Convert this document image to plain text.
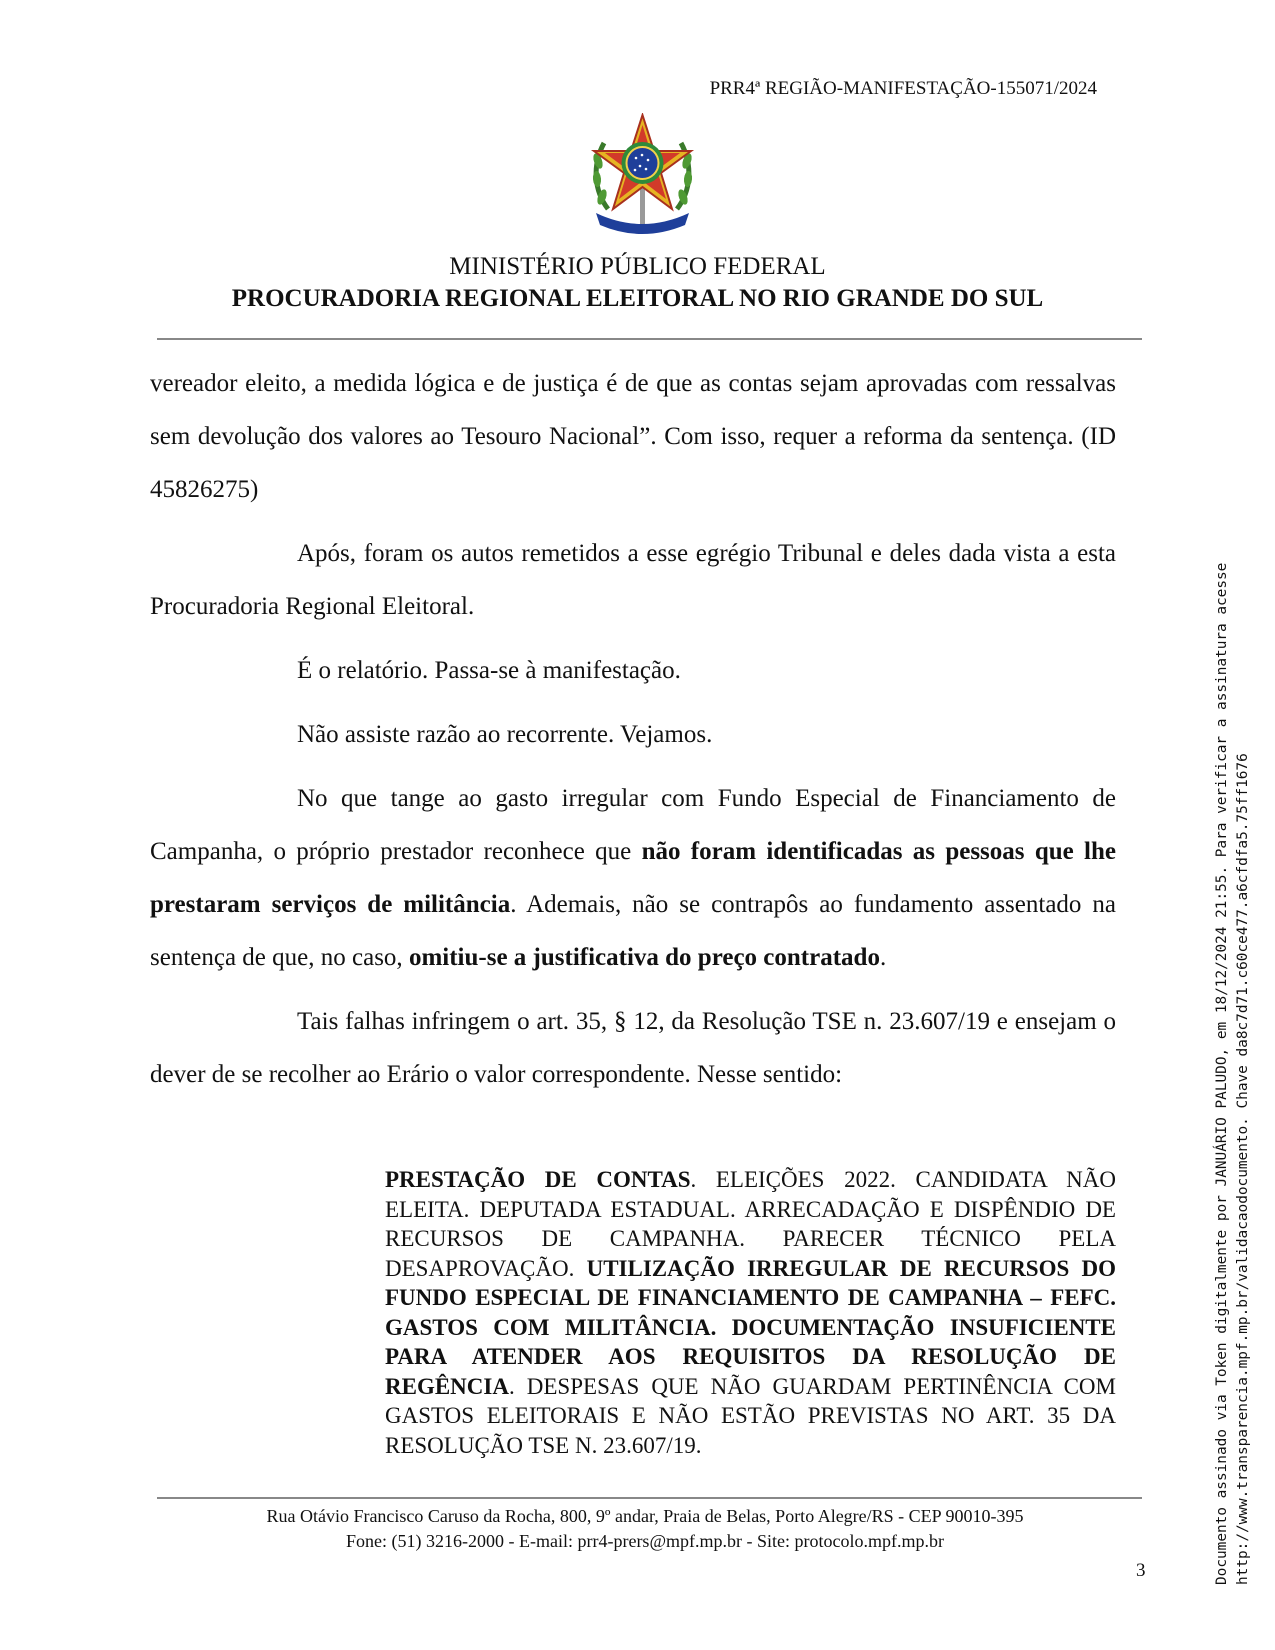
PRR4ª REGIÃO-MANIFESTAÇÃO-155071/2024
MINISTÉRIO PÚBLICO FEDERAL
PROCURADORIA REGIONAL ELEITORAL NO RIO GRANDE DO SUL

vereador eleito, a medida lógica e de justiça é de que as contas sejam aprovadas com ressalvas sem devolução dos valores ao Tesouro Nacional”. Com isso, requer a reforma da sentença. (ID 45826275)

Após, foram os autos remetidos a esse egrégio Tribunal e deles dada vista a esta Procuradoria Regional Eleitoral.

É o relatório. Passa-se à manifestação.

Não assiste razão ao recorrente. Vejamos.

No que tange ao gasto irregular com Fundo Especial de Financiamento de Campanha, o próprio prestador reconhece que não foram identificadas as pessoas que lhe prestaram serviços de militância. Ademais, não se contrapôs ao fundamento assentado na sentença de que, no caso, omitiu-se a justificativa do preço contratado.

Tais falhas infringem o art. 35, § 12, da Resolução TSE n. 23.607/19 e ensejam o dever de se recolher ao Erário o valor correspondente. Nesse sentido:

PRESTAÇÃO DE CONTAS. ELEIÇÕES 2022. CANDIDATA NÃO ELEITA. DEPUTADA ESTADUAL. ARRECADAÇÃO E DISPÊNDIO DE RECURSOS DE CAMPANHA. PARECER TÉCNICO PELA DESAPROVAÇÃO. UTILIZAÇÃO IRREGULAR DE RECURSOS DO FUNDO ESPECIAL DE FINANCIAMENTO DE CAMPANHA – FEFC. GASTOS COM MILITÂNCIA. DOCUMENTAÇÃO INSUFICIENTE PARA ATENDER AOS REQUISITOS DA RESOLUÇÃO DE REGÊNCIA. DESPESAS QUE NÃO GUARDAM PERTINÊNCIA COM GASTOS ELEITORAIS E NÃO ESTÃO PREVISTAS NO ART. 35 DA RESOLUÇÃO TSE N. 23.607/19.
Rua Otávio Francisco Caruso da Rocha, 800, 9º andar, Praia de Belas, Porto Alegre/RS - CEP 90010-395
Fone: (51) 3216-2000 - E-mail: prr4-prers@mpf.mp.br - Site: protocolo.mpf.mp.br
3	Documento assinado via Token digitalmente por JANUÁRIO PALUDO, em 18/12/2024 21:55. Para verificar a assinatura acesse http://www.transparencia.mpf.mp.br/validacaodocumento. Chave da8c7d71.c60ce477.a6cfdfa5.75ff1676
